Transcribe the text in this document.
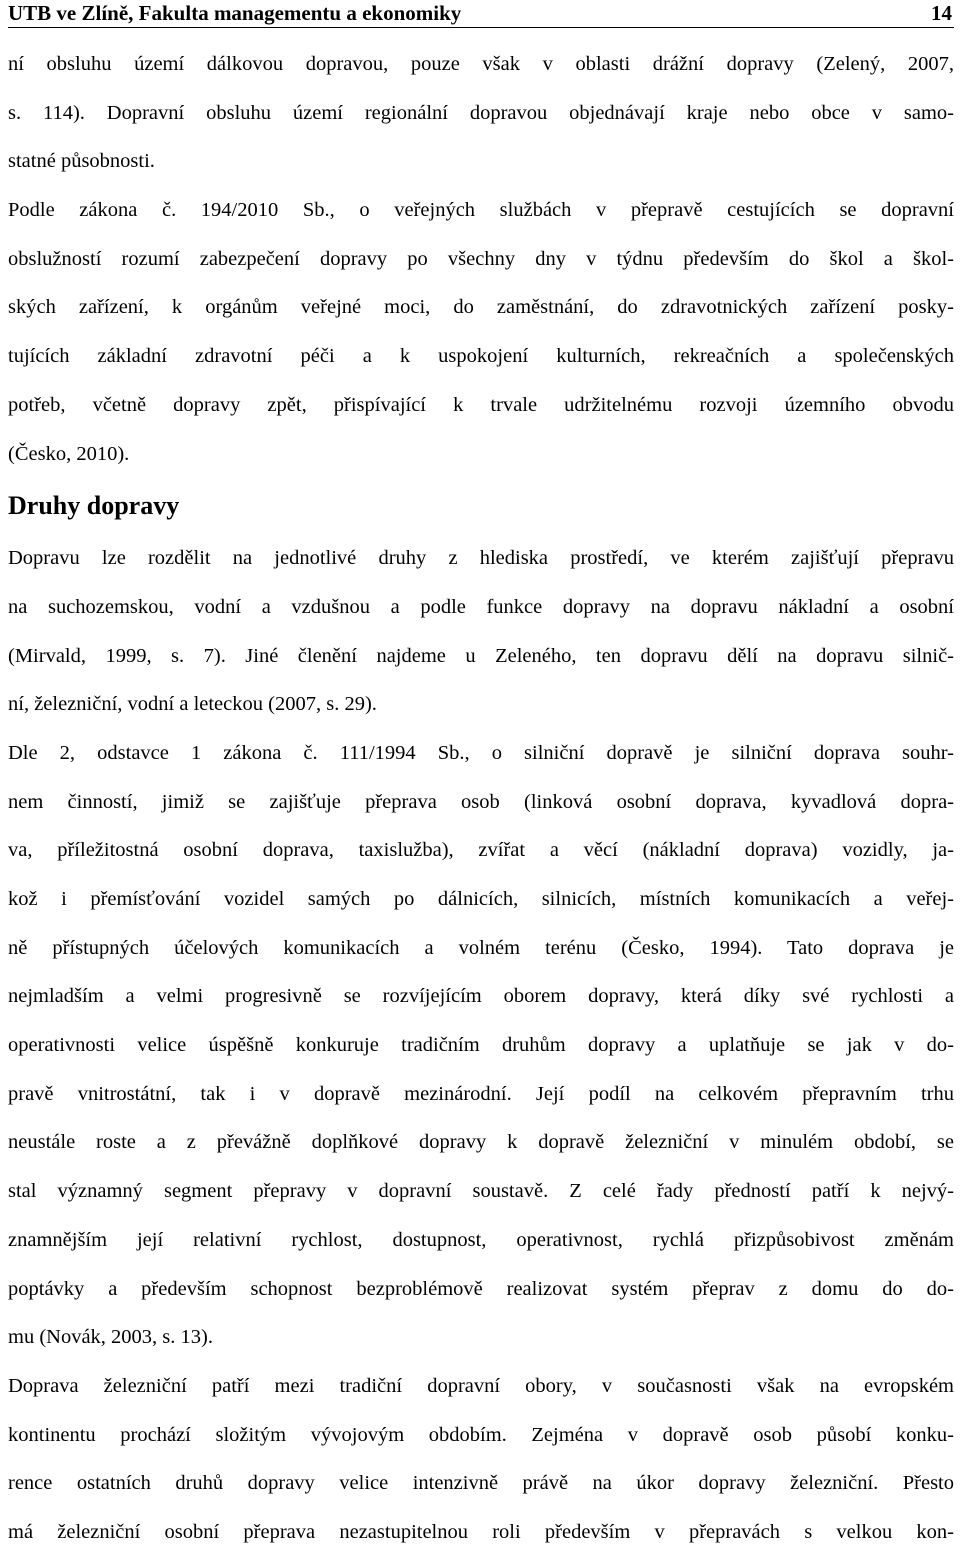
UTB ve Zlíně, Fakulta managementu a ekonomiky	14

ní obsluhu území dálkovou dopravou, pouze však v oblasti drážní dopravy (Zelený, 2007,
s. 114). Dopravní obsluhu území regionální dopravou objednávají kraje nebo obce v samo-
statné působnosti.

Podle zákona č. 194/2010 Sb., o veřejných službách v přepravě cestujících se dopravní
obslužností rozumí zabezpečení dopravy po všechny dny v týdnu především do škol a škol-
ských zařízení, k orgánům veřejné moci, do zaměstnání, do zdravotnických zařízení posky-
tujících základní zdravotní péči a k uspokojení kulturních, rekreačních a společenských
potřeb, včetně dopravy zpět, přispívající k trvale udržitelnému rozvoji územního obvodu
(Česko, 2010).

Druhy dopravy

Dopravu lze rozdělit na jednotlivé druhy z hlediska prostředí, ve kterém zajišťují přepravu
na suchozemskou, vodní a vzdušnou a podle funkce dopravy na dopravu nákladní a osobní
(Mirvald, 1999, s. 7). Jiné členění najdeme u Zeleného, ten dopravu dělí na dopravu silnič-
ní, železniční, vodní a leteckou (2007, s. 29).

Dle 2, odstavce 1 zákona č. 111/1994 Sb., o silniční dopravě je silniční doprava souhr-
nem činností, jimiž se zajišťuje přeprava osob (linková osobní doprava, kyvadlová dopra-
va, příležitostná osobní doprava, taxislužba), zvířat a věcí (nákladní doprava) vozidly, ja-
kož i přemísťování vozidel samých po dálnicích, silnicích, místních komunikacích a veřej-
ně přístupných účelových komunikacích a volném terénu (Česko, 1994). Tato doprava je
nejmladším a velmi progresivně se rozvíjejícím oborem dopravy, která díky své rychlosti a
operativnosti velice úspěšně konkuruje tradičním druhům dopravy a uplatňuje se jak v do-
pravě vnitrostátní, tak i v dopravě mezinárodní. Její podíl na celkovém přepravním trhu
neustále roste a z převážně doplňkové dopravy k dopravě železniční v minulém období, se
stal významný segment přepravy v dopravní soustavě. Z celé řady předností patří k nejvý-
znamnějším její relativní rychlost, dostupnost, operativnost, rychlá přizpůsobivost změnám
poptávky a především schopnost bezproblémově realizovat systém přeprav z domu do do-
mu (Novák, 2003, s. 13).

Doprava železniční patří mezi tradiční dopravní obory, v současnosti však na evropském
kontinentu prochází složitým vývojovým obdobím. Zejména v dopravě osob působí konku-
rence ostatních druhů dopravy velice intenzivně právě na úkor dopravy železniční. Přesto
má železniční osobní přeprava nezastupitelnou roli především v přepravách s velkou kon-
